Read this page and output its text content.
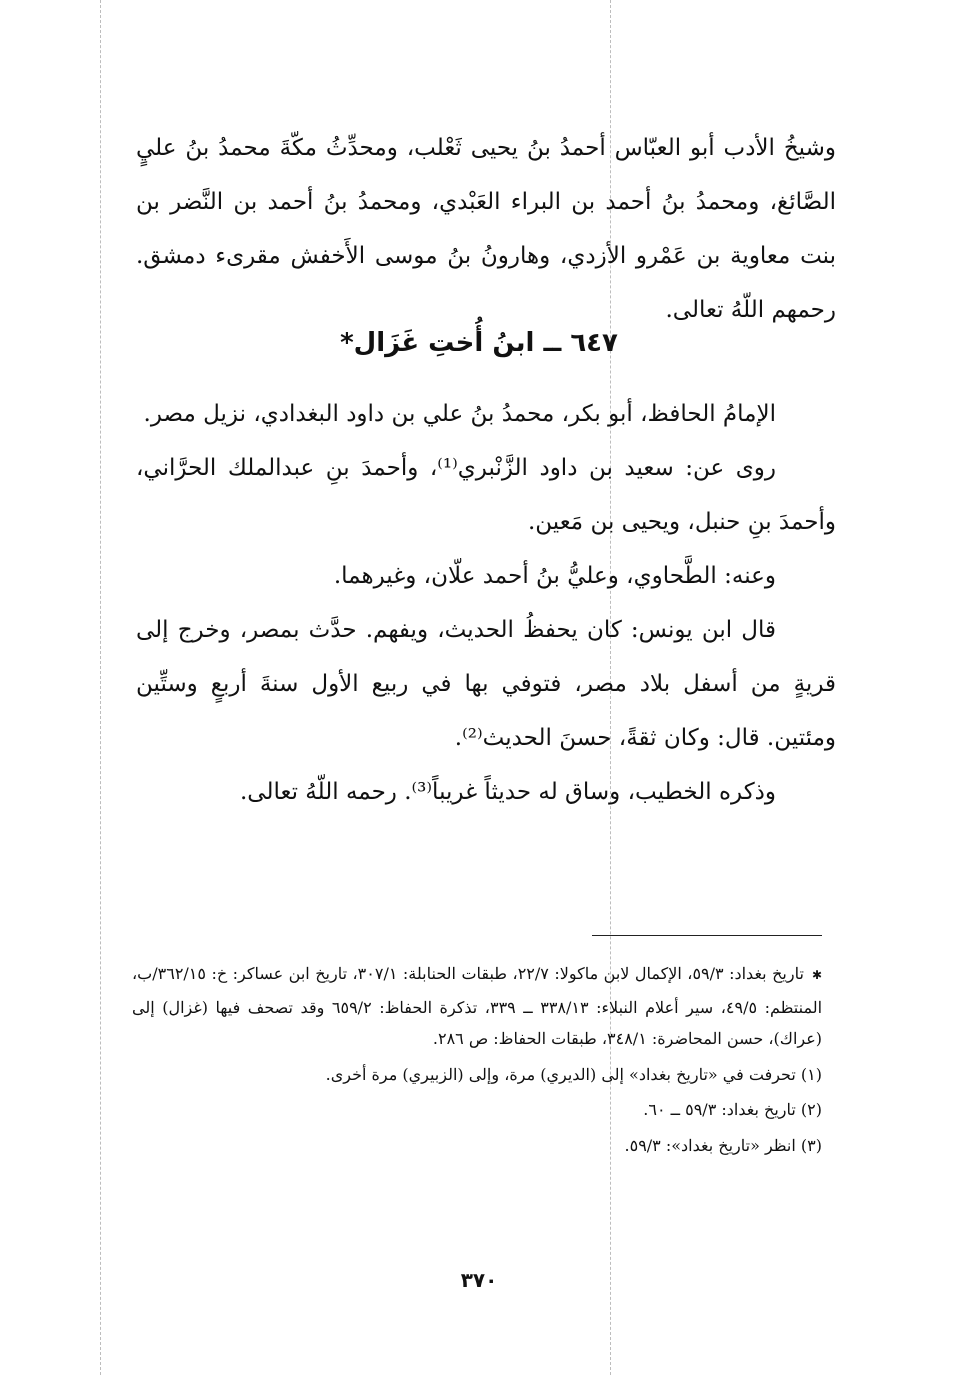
وشيخُ الأدب أبو العبّاس أحمدُ بنُ يحيى ثَعْلب، ومحدِّثُ مكّةَ محمدُ بنُ عليٍ الصَّائغ، ومحمدُ بنُ أحمد بن البراء العَبْدي، ومحمدُ بنُ أحمد بن النَّضر بن بنت معاوية بن عَمْرو الأزدي، وهارونُ بنُ موسى الأَخفش مقرىء دمشق. رحمهم اللّهُ تعالى.

٦٤٧ ــ ابنُ أُختِ غَزَال*

الإمامُ الحافظ، أبو بكر، محمدُ بنُ علي بن داود البغدادي، نزيل مصر.

روى عن: سعيد بن داود الزَّنْبري⁽¹⁾، وأحمدَ بنِ عبدالملك الحرَّاني، وأحمدَ بنِ حنبل، ويحيى بن مَعين.

وعنه: الطَّحاوي، وعليُّ بنُ أحمد علّان، وغيرهما.

قال ابن يونس: كان يحفظُ الحديث، ويفهم. حدَّث بمصر، وخرج إلى قريةٍ من أسفل بلاد مصر، فتوفي بها في ربيع الأول سنةَ أربعٍ وستِّين ومئتين. قال: وكان ثقةً، حسنَ الحديث⁽²⁾.

وذكره الخطيب، وساق له حديثاً غريباً⁽³⁾. رحمه اللّهُ تعالى.

✱ تاريخ بغداد: ٥٩/٣، الإكمال لابن ماكولا: ٢٢/٧، طبقات الحنابلة: ٣٠٧/١، تاريخ ابن عساكر: خ: ٣٦٢/١٥/ب، المنتظم: ٤٩/٥، سير أعلام النبلاء: ٣٣٨/١٣ ــ ٣٣٩، تذكرة الحفاظ: ٦٥٩/٢ وقد تصحف فيها (غزال) إلى (عراك)، حسن المحاضرة: ٣٤٨/١، طبقات الحفاظ: ص ٢٨٦.

(١) تحرفت في «تاريخ بغداد» إلى (الديري) مرة، وإلى (الزبيري) مرة أخرى.

(٢) تاريخ بغداد: ٥٩/٣ ــ ٦٠.

(٣) انظر «تاريخ بغداد»: ٥٩/٣.

٣٧٠
